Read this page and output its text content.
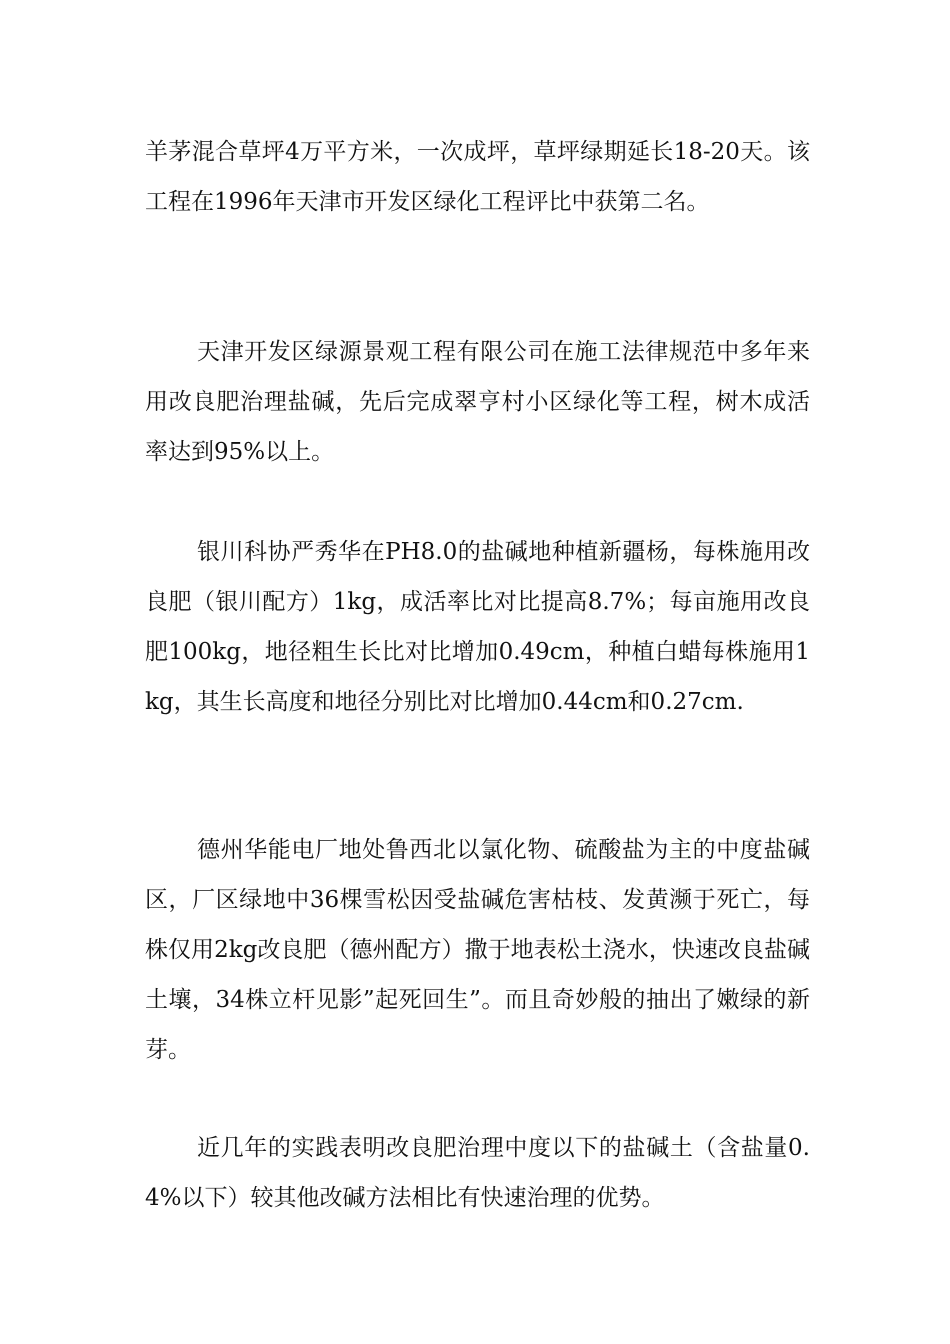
羊茅混合草坪4万平方米，一次成坪，草坪绿期延长18-20天。该工程在1996年天津市开发区绿化工程评比中获第二名。

天津开发区绿源景观工程有限公司在施工法律规范中多年来用改良肥治理盐碱，先后完成翠亨村小区绿化等工程，树木成活率达到95%以上。

银川科协严秀华在PH8.0的盐碱地种植新疆杨，每株施用改良肥（银川配方）1kg，成活率比对比提高8.7%；每亩施用改良肥100kg，地径粗生长比对比增加0.49cm，种植白蜡每株施用1kg，其生长高度和地径分别比对比增加0.44cm和0.27cm.

德州华能电厂地处鲁西北以氯化物、硫酸盐为主的中度盐碱区，厂区绿地中36棵雪松因受盐碱危害枯枝、发黄濒于死亡，每株仅用2kg改良肥（德州配方）撒于地表松土浇水，快速改良盐碱土壤，34株立杆见影”起死回生”。而且奇妙般的抽出了嫩绿的新芽。

近几年的实践表明改良肥治理中度以下的盐碱土（含盐量0.4%以下）较其他改碱方法相比有快速治理的优势。
